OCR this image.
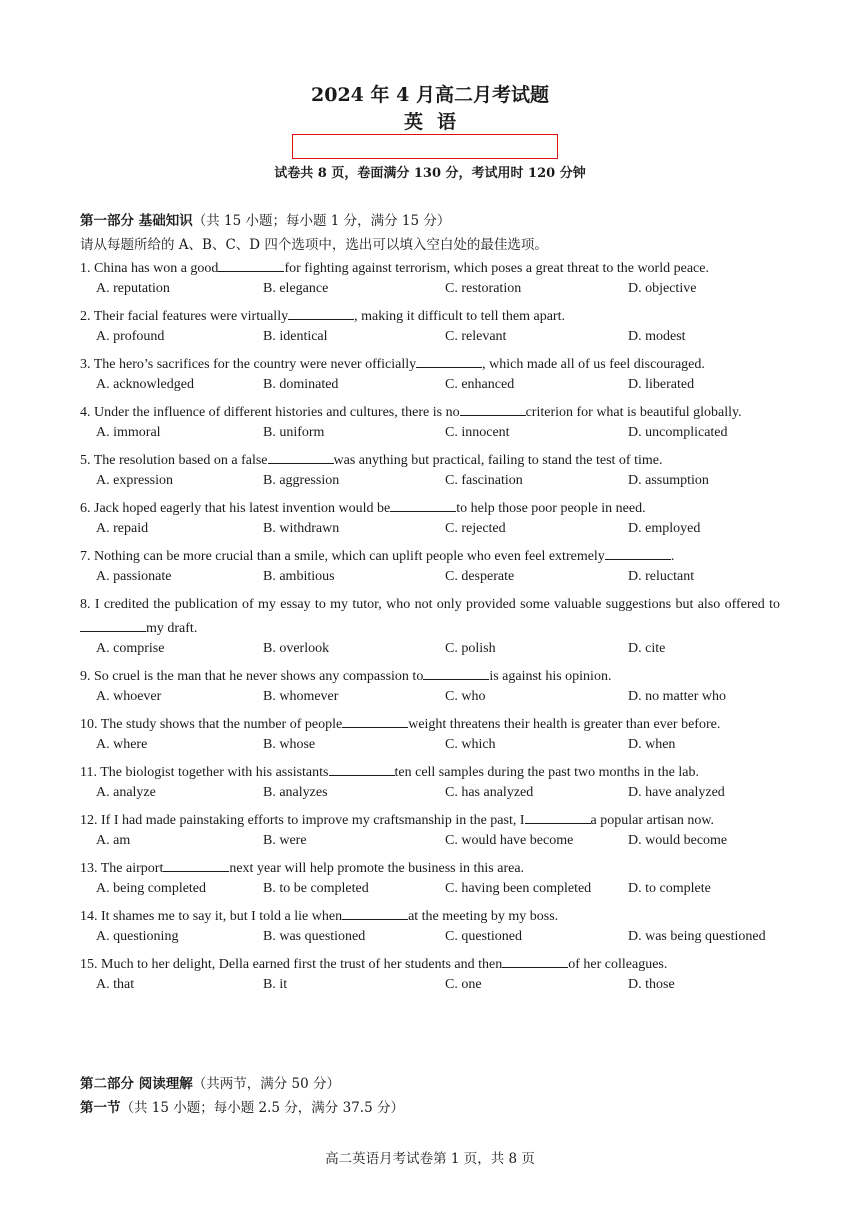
2024 年 4 月高二月考试题
英语
试卷共 8 页，卷面满分 130 分，考试用时 120 分钟
第一部分 基础知识（共 15 小题；每小题 1 分，满分 15 分）
请从每题所给的 A、B、C、D 四个选项中，选出可以填入空白处的最佳选项。
1. China has won a good	for fighting against terrorism, which poses a great threat to the world peace.
A. reputation	B. elegance	C. restoration	D. objective
2. Their facial features were virtually	, making it difficult to tell them apart.
A. profound	B. identical	C. relevant	D. modest
3. The hero’s sacrifices for the country were never officially	, which made all of us feel discouraged.
A. acknowledged	B. dominated	C. enhanced	D. liberated
4. Under the influence of different histories and cultures, there is no	criterion for what is beautiful globally.
A. immoral	B. uniform	C. innocent	D. uncomplicated
5. The resolution based on a false	was anything but practical, failing to stand the test of time.
A. expression	B. aggression	C. fascination	D. assumption
6. Jack hoped eagerly that his latest invention would be	to help those poor people in need.
A. repaid	B. withdrawn	C. rejected	D. employed
7. Nothing can be more crucial than a smile, which can uplift people who even feel extremely	.
A. passionate	B. ambitious	C. desperate	D. reluctant
8. I credited the publication of my essay to my tutor, who not only provided some valuable suggestions but also offered tomy draft.
A. comprise	B. overlook	C. polish	D. cite
9. So cruel is the man that he never shows any compassion to	is against his opinion.
A. whoever	B. whomever	C. who	D. no matter who
10. The study shows that the number of people	weight threatens their health is greater than ever before.
A. where	B. whose	C. which	D. when
11. The biologist together with his assistants	ten cell samples during the past two months in the lab.
A. analyze	B. analyzes	C. has analyzed	D. have analyzed
12. If I had made painstaking efforts to improve my craftsmanship in the past, I	a popular artisan now.
A. am	B. were	C. would have become	D. would become
13. The airport	next year will help promote the business in this area.
A. being completed	B. to be completed	C. having been completed	D. to complete
14. It shames me to say it, but I told a lie when	at the meeting by my boss.
A. questioning	B. was questioned	C. questioned	D. was being questioned
15. Much to her delight, Della earned first the trust of her students and then	of her colleagues.
A. that	B. it	C. one	D. those
第二部分 阅读理解（共两节，满分 50 分）
第一节（共 15 小题；每小题 2.5 分，满分 37.5 分）
高二英语月考试卷第 1 页，共 8 页
